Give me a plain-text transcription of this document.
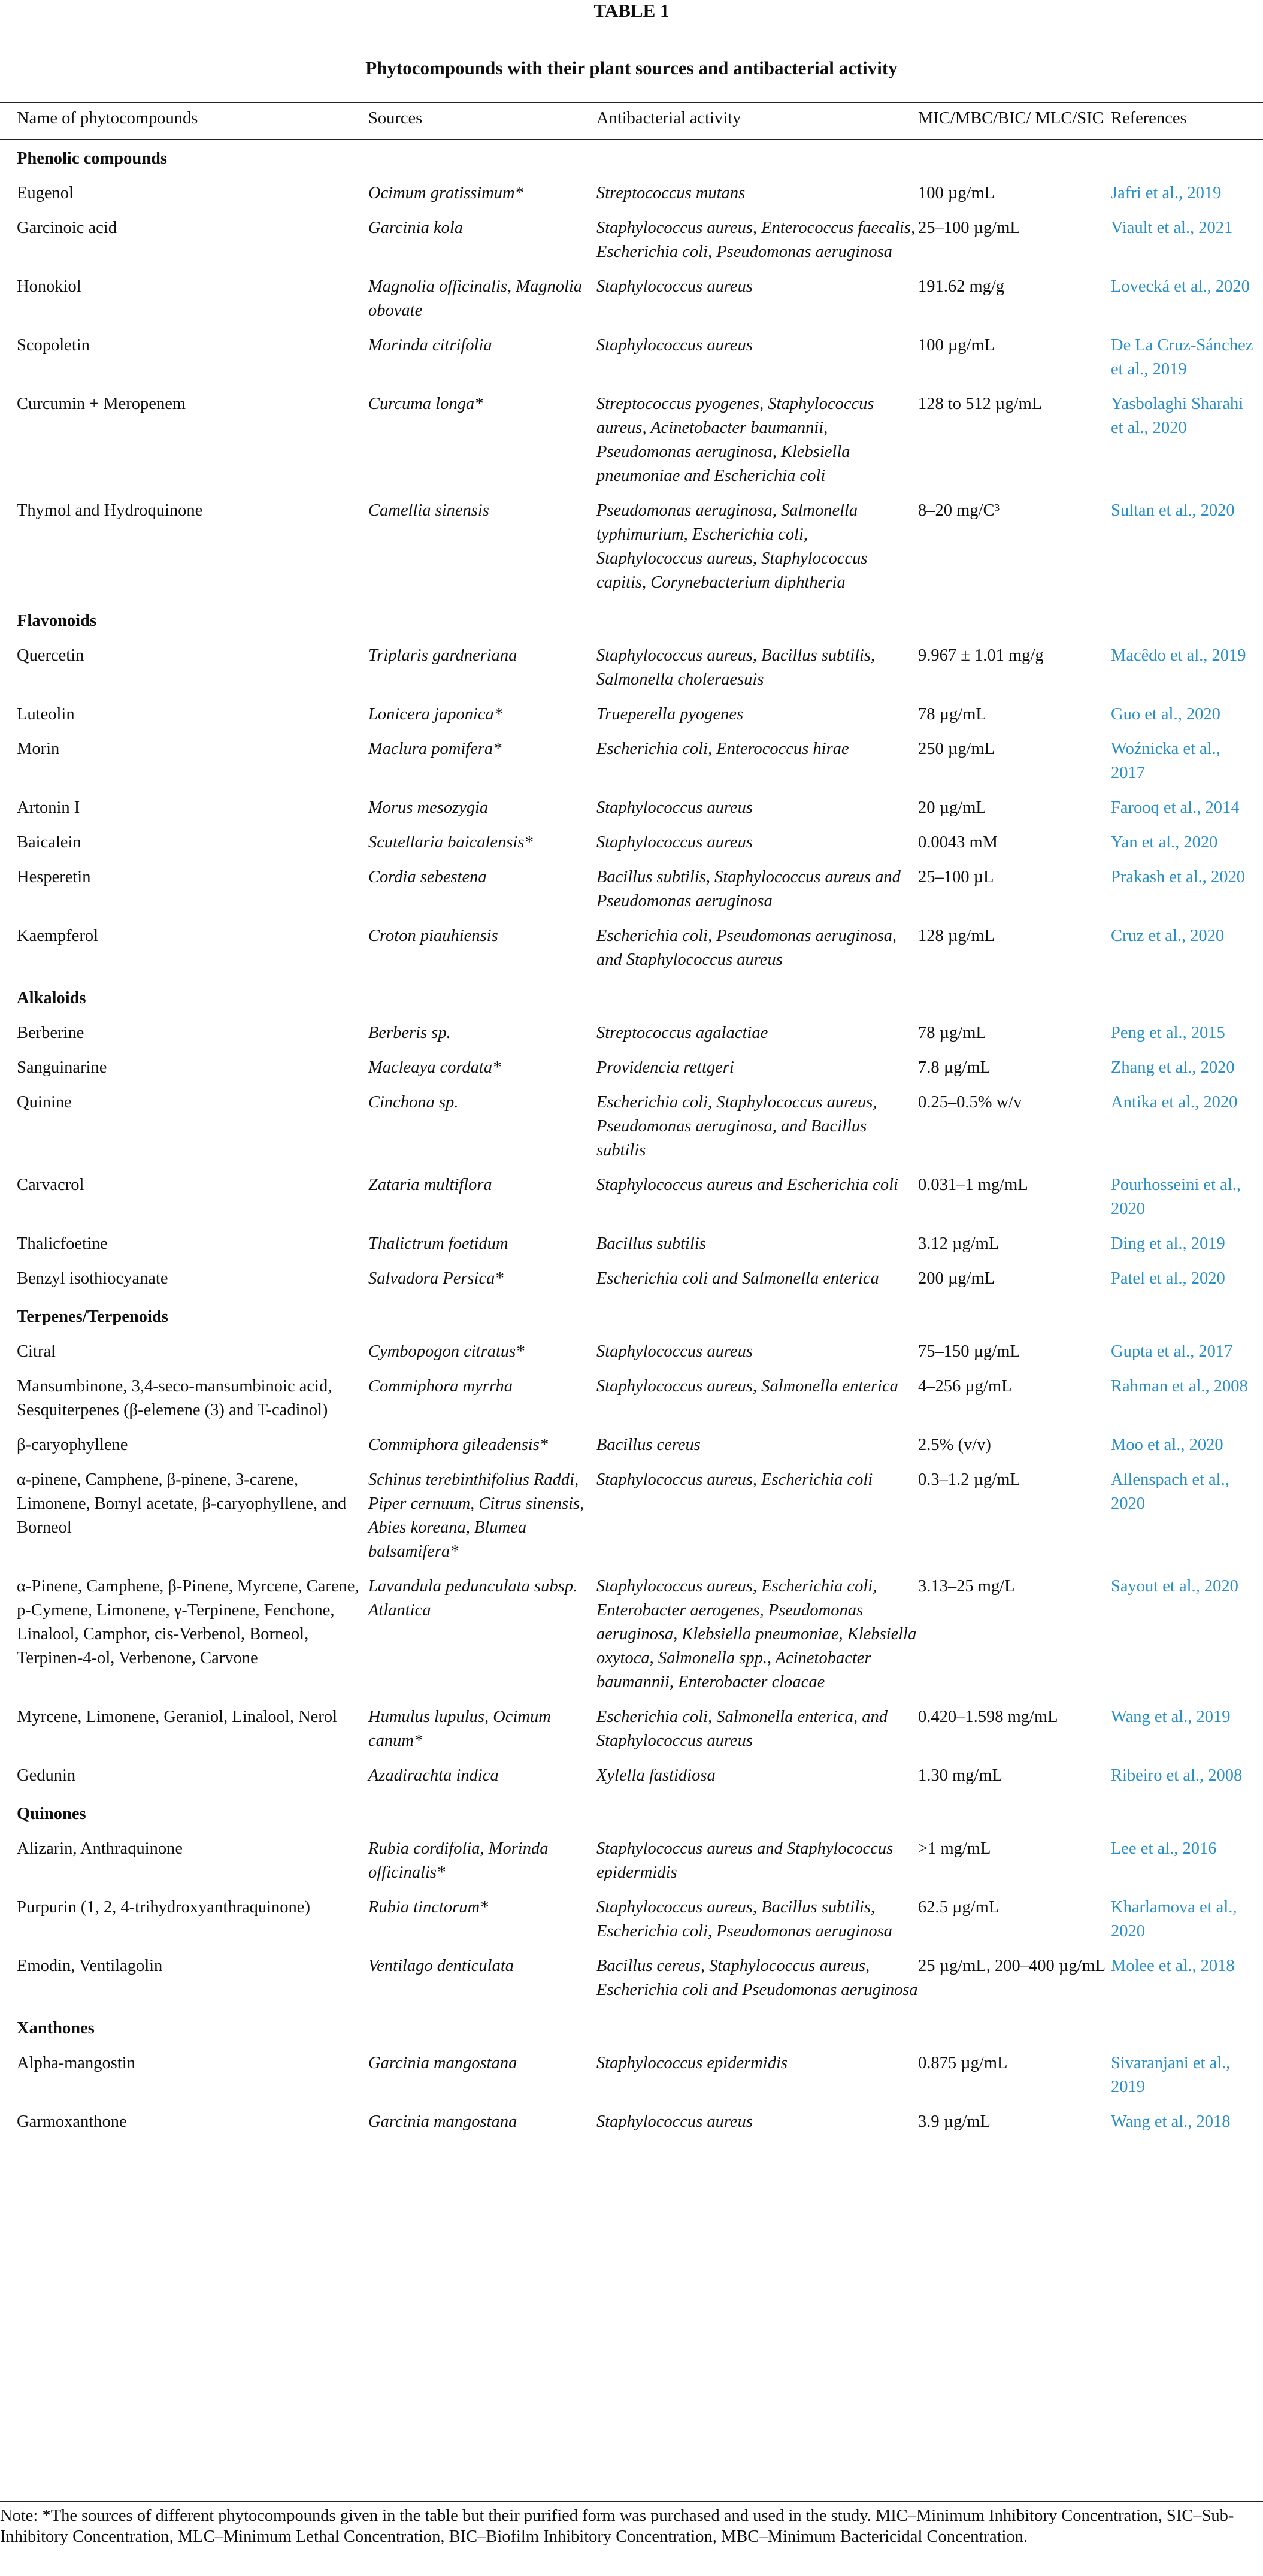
TABLE 1
Phytocompounds with their plant sources and antibacterial activity
Name of phytocompounds	Sources	Antibacterial activity	MIC/MBC/BIC/ MLC/SIC	References
Phenolic compounds				
Eugenol	Ocimum gratissimum*	Streptococcus mutans	100 µg/mL	Jafri et al., 2019
Garcinoic acid	Garcinia kola	Staphylococcus aureus, Enterococcus faecalis, Escherichia coli, Pseudomonas aeruginosa	25–100 µg/mL	Viault et al., 2021
Honokiol	Magnolia officinalis, Magnolia obovate	Staphylococcus aureus	191.62 mg/g	Lovecká et al., 2020
Scopoletin	Morinda citrifolia	Staphylococcus aureus	100 µg/mL	De La Cruz-Sánchez et al., 2019
Curcumin + Meropenem	Curcuma longa*	Streptococcus pyogenes, Staphylococcus aureus, Acinetobacter baumannii, Pseudomonas aeruginosa, Klebsiella pneumoniae and Escherichia coli	128 to 512 µg/mL	Yasbolaghi Sharahi et al., 2020
Thymol and Hydroquinone	Camellia sinensis	Pseudomonas aeruginosa, Salmonella typhimurium, Escherichia coli, Staphylococcus aureus, Staphylococcus capitis, Corynebacterium diphtheria	8–20 mg/C³	Sultan et al., 2020
Flavonoids				
Quercetin	Triplaris gardneriana	Staphylococcus aureus, Bacillus subtilis, Salmonella choleraesuis	9.967 ± 1.01 mg/g	Macêdo et al., 2019
Luteolin	Lonicera japonica*	Trueperella pyogenes	78 µg/mL	Guo et al., 2020
Morin	Maclura pomifera*	Escherichia coli, Enterococcus hirae	250 µg/mL	Woźnicka et al., 2017
Artonin I	Morus mesozygia	Staphylococcus aureus	20 µg/mL	Farooq et al., 2014
Baicalein	Scutellaria baicalensis*	Staphylococcus aureus	0.0043 mM	Yan et al., 2020
Hesperetin	Cordia sebestena	Bacillus subtilis, Staphylococcus aureus and Pseudomonas aeruginosa	25–100 µL	Prakash et al., 2020
Kaempferol	Croton piauhiensis	Escherichia coli, Pseudomonas aeruginosa, and Staphylococcus aureus	128 µg/mL	Cruz et al., 2020
Alkaloids				
Berberine	Berberis sp.	Streptococcus agalactiae	78 µg/mL	Peng et al., 2015
Sanguinarine	Macleaya cordata*	Providencia rettgeri	7.8 µg/mL	Zhang et al., 2020
Quinine	Cinchona sp.	Escherichia coli, Staphylococcus aureus, Pseudomonas aeruginosa, and Bacillus subtilis	0.25–0.5% w/v	Antika et al., 2020
Carvacrol	Zataria multiflora	Staphylococcus aureus and Escherichia coli	0.031–1 mg/mL	Pourhosseini et al., 2020
Thalicfoetine	Thalictrum foetidum	Bacillus subtilis	3.12 µg/mL	Ding et al., 2019
Benzyl isothiocyanate	Salvadora Persica*	Escherichia coli and Salmonella enterica	200 µg/mL	Patel et al., 2020
Terpenes/Terpenoids				
Citral	Cymbopogon citratus*	Staphylococcus aureus	75–150 µg/mL	Gupta et al., 2017
Mansumbinone, 3,4-seco-mansumbinoic acid, Sesquiterpenes (β-elemene (3) and T-cadinol)	Commiphora myrrha	Staphylococcus aureus, Salmonella enterica	4–256 µg/mL	Rahman et al., 2008
β-caryophyllene	Commiphora gileadensis*	Bacillus cereus	2.5% (v/v)	Moo et al., 2020
α-pinene, Camphene, β-pinene, 3-carene, Limonene, Bornyl acetate, β-caryophyllene, and Borneol	Schinus terebinthifolius Raddi, Piper cernuum, Citrus sinensis, Abies koreana, Blumea balsamifera*	Staphylococcus aureus, Escherichia coli	0.3–1.2 µg/mL	Allenspach et al., 2020
α-Pinene, Camphene, β-Pinene, Myrcene, Carene, p-Cymene, Limonene, γ-Terpinene, Fenchone, Linalool, Camphor, cis-Verbenol, Borneol, Terpinen-4-ol, Verbenone, Carvone	Lavandula pedunculata subsp. Atlantica	Staphylococcus aureus, Escherichia coli, Enterobacter aerogenes, Pseudomonas aeruginosa, Klebsiella pneumoniae, Klebsiella oxytoca, Salmonella spp., Acinetobacter baumannii, Enterobacter cloacae	3.13–25 mg/L	Sayout et al., 2020
Myrcene, Limonene, Geraniol, Linalool, Nerol	Humulus lupulus, Ocimum canum*	Escherichia coli, Salmonella enterica, and Staphylococcus aureus	0.420–1.598 mg/mL	Wang et al., 2019
Gedunin	Azadirachta indica	Xylella fastidiosa	1.30 mg/mL	Ribeiro et al., 2008
Quinones				
Alizarin, Anthraquinone	Rubia cordifolia, Morinda officinalis*	Staphylococcus aureus and Staphylococcus epidermidis	>1 mg/mL	Lee et al., 2016
Purpurin (1, 2, 4-trihydroxyanthraquinone)	Rubia tinctorum*	Staphylococcus aureus, Bacillus subtilis, Escherichia coli, Pseudomonas aeruginosa	62.5 µg/mL	Kharlamova et al., 2020
Emodin, Ventilagolin	Ventilago denticulata	Bacillus cereus, Staphylococcus aureus, Escherichia coli and Pseudomonas aeruginosa	25 µg/mL, 200–400 µg/mL	Molee et al., 2018
Xanthones				
Alpha-mangostin	Garcinia mangostana	Staphylococcus epidermidis	0.875 µg/mL	Sivaranjani et al., 2019
Garmoxanthone	Garcinia mangostana	Staphylococcus aureus	3.9 µg/mL	Wang et al., 2018
Note: *The sources of different phytocompounds given in the table but their purified form was purchased and used in the study. MIC–Minimum Inhibitory Concentration, SIC–Sub-Inhibitory Concentration, MLC–Minimum Lethal Concentration, BIC–Biofilm Inhibitory Concentration, MBC–Minimum Bactericidal Concentration.
